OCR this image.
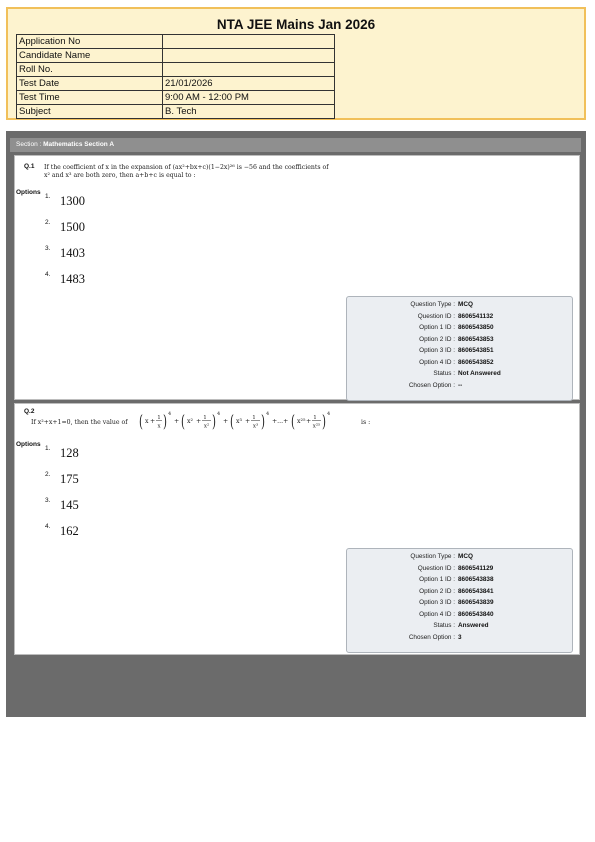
NTA JEE Mains Jan 2026
Application No	
Candidate Name	
Roll No.	
Test Date	21/01/2026
Test Time	9:00 AM - 12:00 PM
Subject	B. Tech
Section : Mathematics Section A
Q.1 If the coefficient of x in the expansion of (ax²+bx+c)(1−2x)²⁶ is −56 and the coefficients of
x² and x³ are both zero, then a+b+c is equal to :
Options
1. 1300
2. 1500
3. 1403
4. 1483
Question Type : MCQ
Question ID : 8606541132
Option 1 ID : 8606543850
Option 2 ID : 8606543853
Option 3 ID : 8606543851
Option 4 ID : 8606543852
Status : Not Answered
Chosen Option : --
Q.2
If x²+x+1=0, then the value of ( x + 1
x ) 4
+ ( x² + 1
x² ) 4
+ ( x³ + 1
x³ ) 4
+...+ ( x²⁵ + 1
x²⁵ ) 4
is :
Options
1. 128
2. 175
3. 145
4. 162
Question Type : MCQ
Question ID : 8606541129
Option 1 ID : 8606543838
Option 2 ID : 8606543841
Option 3 ID : 8606543839
Option 4 ID : 8606543840
Status : Answered
Chosen Option : 3
